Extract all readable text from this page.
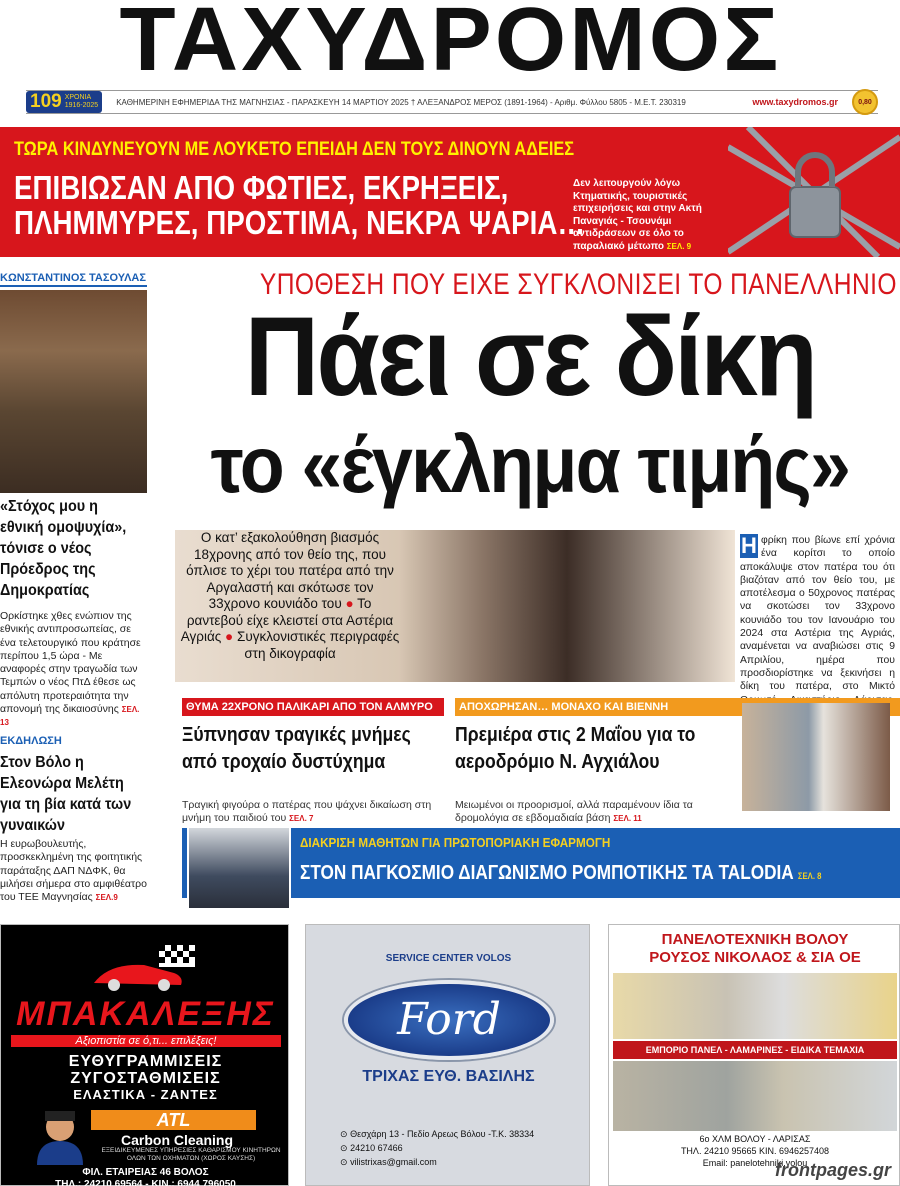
ΤΑΧΥΔΡΟΜΟΣ
109 ΧΡΟΝΙΑ
1916-2025 ΚΑΘΗΜΕΡΙΝΗ ΕΦΗΜΕΡΙΔΑ ΤΗΣ ΜΑΓΝΗΣΙΑΣ - ΠΑΡΑΣΚΕΥΗ 14 ΜΑΡΤΙΟΥ 2025 † ΑΛΕΞΑΝΔΡΟΣ ΜΕΡΟΣ (1891-1964) - Αριθμ. Φύλλου 5805 - Μ.Ε.Τ. 230319	www.taxydromos.gr	0,80
ΤΩΡΑ ΚΙΝΔΥΝΕΥΟΥΝ ΜΕ ΛΟΥΚΕΤΟ ΕΠΕΙΔΗ ΔΕΝ ΤΟΥΣ ΔΙΝΟΥΝ ΑΔΕΙΕΣ
ΕΠΙΒΙΩΣΑΝ ΑΠΟ ΦΩΤΙΕΣ, ΕΚΡΗΞΕΙΣ,
ΠΛΗΜΜΥΡΕΣ, ΠΡΟΣΤΙΜΑ, ΝΕΚΡΑ ΨΑΡΙΑ…
Δεν λειτουργούν λόγω Κτηματικής, τουριστικές επιχειρήσεις και στην Ακτή Παναγιάς - Τσουνάμι αντιδράσεων σε όλο το παραλιακό μέτωπο ΣΕΛ. 9
ΚΩΝΣΤΑΝΤΙΝΟΣ ΤΑΣΟΥΛΑΣ
«Στόχος μου η εθνική ομοψυχία», τόνισε ο νέος Πρόεδρος της Δημοκρατίας
Ορκίστηκε χθες ενώπιον της εθνικής αντιπροσωπείας, σε ένα τελετουργικό που κράτησε περίπου 1,5 ώρα - Με αναφορές στην τραγωδία των Τεμπών ο νέος ΠτΔ έθεσε ως απόλυτη προτεραιότητα την απονομή της δικαιοσύνης ΣΕΛ. 13
ΕΚΔΗΛΩΣΗ
Στον Βόλο η Ελεονώρα Μελέτη για τη βία κατά των γυναικών
Η ευρωβουλευτής, προσκεκλημένη της φοιτητικής παράταξης ΔΑΠ ΝΔΦΚ, θα μιλήσει σήμερα στο αμφιθέατρο του ΤΕΕ Μαγνησίας ΣΕΛ.9
ΥΠΟΘΕΣΗ ΠΟΥ ΕΙΧΕ ΣΥΓΚΛΟΝΙΣΕΙ ΤΟ ΠΑΝΕΛΛΗΝΙΟ
Πάει σε δίκη
το «έγκλημα τιμής»
Ο κατ’ εξακολούθηση βιασμός 18χρονης από τον θείο της, που όπλισε το χέρι του πατέρα από την Αργαλαστή και σκότωσε τον 33χρονο κουνιάδο του ● Το ραντεβού είχε κλειστεί στα Αστέρια Αγριάς ● Συγκλονιστικές περιγραφές στη δικογραφία
Η φρίκη που βίωνε επί χρόνια ένα κορίτσι το οποίο αποκάλυψε στον πατέρα του ότι βιαζόταν από τον θείο του, με αποτέλεσμα ο 50χρονος πατέρας να σκοτώσει τον 33χρονο κουνιάδο του τον Ιανουάριο του 2024 στα Αστέρια της Αγριάς, αναμένεται να αναβιώσει στις 9 Απριλίου, ημέρα που προσδιορίστηκε να ξεκινήσει η δίκη του πατέρα, στο Μικτό
ΘΥΜΑ 22ΧΡΟΝΟ ΠΑΛΙΚΑΡΙ ΑΠΟ ΤΟΝ ΑΛΜΥΡΟ
Ξύπνησαν τραγικές μνήμες από τροχαίο δυστύχημα
Τραγική φιγούρα ο πατέρας που ψάχνει δικαίωση στη μνήμη του παιδιού του ΣΕΛ. 7
ΑΠΟΧΩΡΗΣΑΝ… ΜΟΝΑΧΟ ΚΑΙ ΒΙΕΝΝΗ
Πρεμιέρα στις 2 Μαΐου για το αεροδρόμιο Ν. Αγχιάλου
Μειωμένοι οι προορισμοί, αλλά παραμένουν ίδια τα δρομολόγια σε εβδομαδιαία βάση ΣΕΛ. 11
ΔΙΑΚΡΙΣΗ ΜΑΘΗΤΩΝ ΓΙΑ ΠΡΩΤΟΠΟΡΙΑΚΗ ΕΦΑΡΜΟΓΗ
ΣΤΟΝ ΠΑΓΚΟΣΜΙΟ ΔΙΑΓΩΝΙΣΜΟ ΡΟΜΠΟΤΙΚΗΣ ΤΑ TALODIA ΣΕΛ. 8
ΜΠΑΚΑΛΕΞΗΣ
Αξιοπιστία σε ό,τι... επιλέξεις!
ΕΥΘΥΓΡΑΜΜΙΣΕΙΣ
ΖΥΓΟΣΤΑΘΜΙΣΕΙΣ
ΕΛΑΣΤΙΚΑ - ΖΑΝΤΕΣ
ATL
Carbon Cleaning
ΕΞΕΙΔΙΚΕΥΜΕΝΕΣ ΥΠΗΡΕΣΙΕΣ ΚΑΘΑΡΙΣΜΟΥ ΚΙΝΗΤΗΡΩΝ ΟΛΩΝ ΤΩΝ ΟΧΗΜΑΤΩΝ (ΧΩΡΟΣ ΚΑΥΣΗΣ)
ΦΙΛ. ΕΤΑΙΡΕΙΑΣ 46 ΒΟΛΟΣ
ΤΗΛ.: 24210 69564 - ΚΙΝ.: 6944 796050
SERVICE CENTER VOLOS
Ford
ΤΡΙΧΑΣ ΕΥΘ. ΒΑΣΙΛΗΣ
⊙ Θεσχάρη 13 - Πεδίο Αρεως Βόλου -Τ.Κ. 38334
⊙ 24210 67466
⊙ vilistrixas@gmail.com
ΠΑΝΕΛΟΤΕΧΝΙΚΗ ΒΟΛΟΥ
ΡΟΥΣΟΣ ΝΙΚΟΛΑΟΣ & ΣΙΑ ΟΕ
ΕΜΠΟΡΙΟ ΠΑΝΕΛ - ΛΑΜΑΡΙΝΕΣ - ΕΙΔΙΚΑ ΤΕΜΑΧΙΑ
6ο ΧΛΜ ΒΟΛΟΥ - ΛΑΡΙΣΑΣ
ΤΗΛ. 24210 95665 ΚΙΝ. 6946257408
Email: panelotehniki.volou
frontpages.gr
